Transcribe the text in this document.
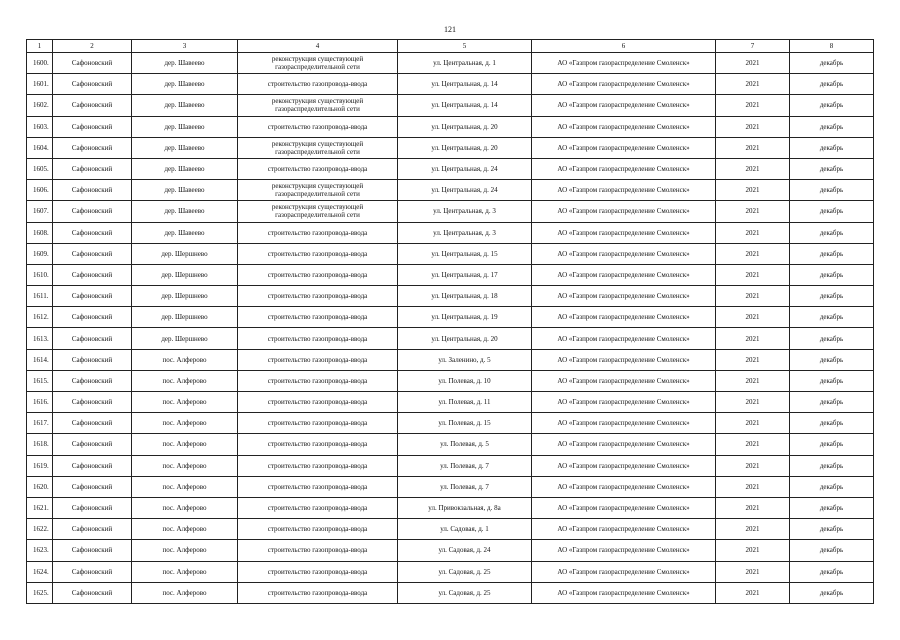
121
1	2	3	4	5	6	7	8
1600.	Сафоновский	дер. Шавеево	реконструкция существующей газораспределительной сети	ул. Центральная, д. 1	АО «Газпром газораспределение Смоленск»	2021	декабрь
1601.	Сафоновский	дер. Шавеево	строительство газопровода-ввода	ул. Центральная, д. 14	АО «Газпром газораспределение Смоленск»	2021	декабрь
1602.	Сафоновский	дер. Шавеево	реконструкция существующей газораспределительной сети	ул. Центральная, д. 14	АО «Газпром газораспределение Смоленск»	2021	декабрь
1603.	Сафоновский	дер. Шавеево	строительство газопровода-ввода	ул. Центральная, д. 20	АО «Газпром газораспределение Смоленск»	2021	декабрь
1604.	Сафоновский	дер. Шавеево	реконструкция существующей газораспределительной сети	ул. Центральная, д. 20	АО «Газпром газораспределение Смоленск»	2021	декабрь
1605.	Сафоновский	дер. Шавеево	строительство газопровода-ввода	ул. Центральная, д. 24	АО «Газпром газораспределение Смоленск»	2021	декабрь
1606.	Сафоновский	дер. Шавеево	реконструкция существующей газораспределительной сети	ул. Центральная, д. 24	АО «Газпром газораспределение Смоленск»	2021	декабрь
1607.	Сафоновский	дер. Шавеево	реконструкция существующей газораспределительной сети	ул. Центральная, д. 3	АО «Газпром газораспределение Смоленск»	2021	декабрь
1608.	Сафоновский	дер. Шавеево	строительство газопровода-ввода	ул. Центральная, д. 3	АО «Газпром газораспределение Смоленск»	2021	декабрь
1609.	Сафоновский	дер. Шершнево	строительство газопровода-ввода	ул. Центральная, д. 15	АО «Газпром газораспределение Смоленск»	2021	декабрь
1610.	Сафоновский	дер. Шершнево	строительство газопровода-ввода	ул. Центральная, д. 17	АО «Газпром газораспределение Смоленск»	2021	декабрь
1611.	Сафоновский	дер. Шершнево	строительство газопровода-ввода	ул. Центральная, д. 18	АО «Газпром газораспределение Смоленск»	2021	декабрь
1612.	Сафоновский	дер. Шершнево	строительство газопровода-ввода	ул. Центральная, д. 19	АО «Газпром газораспределение Смоленск»	2021	декабрь
1613.	Сафоновский	дер. Шершнево	строительство газопровода-ввода	ул. Центральная, д. 20	АО «Газпром газораспределение Смоленск»	2021	декабрь
1614.	Сафоновский	пос. Алферово	строительство газопровода-ввода	ул. Заленино, д. 5	АО «Газпром газораспределение Смоленск»	2021	декабрь
1615.	Сафоновский	пос. Алферово	строительство газопровода-ввода	ул. Полевая, д. 10	АО «Газпром газораспределение Смоленск»	2021	декабрь
1616.	Сафоновский	пос. Алферово	строительство газопровода-ввода	ул. Полевая, д. 11	АО «Газпром газораспределение Смоленск»	2021	декабрь
1617.	Сафоновский	пос. Алферово	строительство газопровода-ввода	ул. Полевая, д. 15	АО «Газпром газораспределение Смоленск»	2021	декабрь
1618.	Сафоновский	пос. Алферово	строительство газопровода-ввода	ул. Полевая, д. 5	АО «Газпром газораспределение Смоленск»	2021	декабрь
1619.	Сафоновский	пос. Алферово	строительство газопровода-ввода	ул. Полевая, д. 7	АО «Газпром газораспределение Смоленск»	2021	декабрь
1620.	Сафоновский	пос. Алферово	строительство газопровода-ввода	ул. Полевая, д. 7	АО «Газпром газораспределение Смоленск»	2021	декабрь
1621.	Сафоновский	пос. Алферово	строительство газопровода-ввода	ул. Привокзальная, д. 8а	АО «Газпром газораспределение Смоленск»	2021	декабрь
1622.	Сафоновский	пос. Алферово	строительство газопровода-ввода	ул. Садовая, д. 1	АО «Газпром газораспределение Смоленск»	2021	декабрь
1623.	Сафоновский	пос. Алферово	строительство газопровода-ввода	ул. Садовая, д. 24	АО «Газпром газораспределение Смоленск»	2021	декабрь
1624.	Сафоновский	пос. Алферово	строительство газопровода-ввода	ул. Садовая, д. 25	АО «Газпром газораспределение Смоленск»	2021	декабрь
1625.	Сафоновский	пос. Алферово	строительство газопровода-ввода	ул. Садовая, д. 25	АО «Газпром газораспределение Смоленск»	2021	декабрь
